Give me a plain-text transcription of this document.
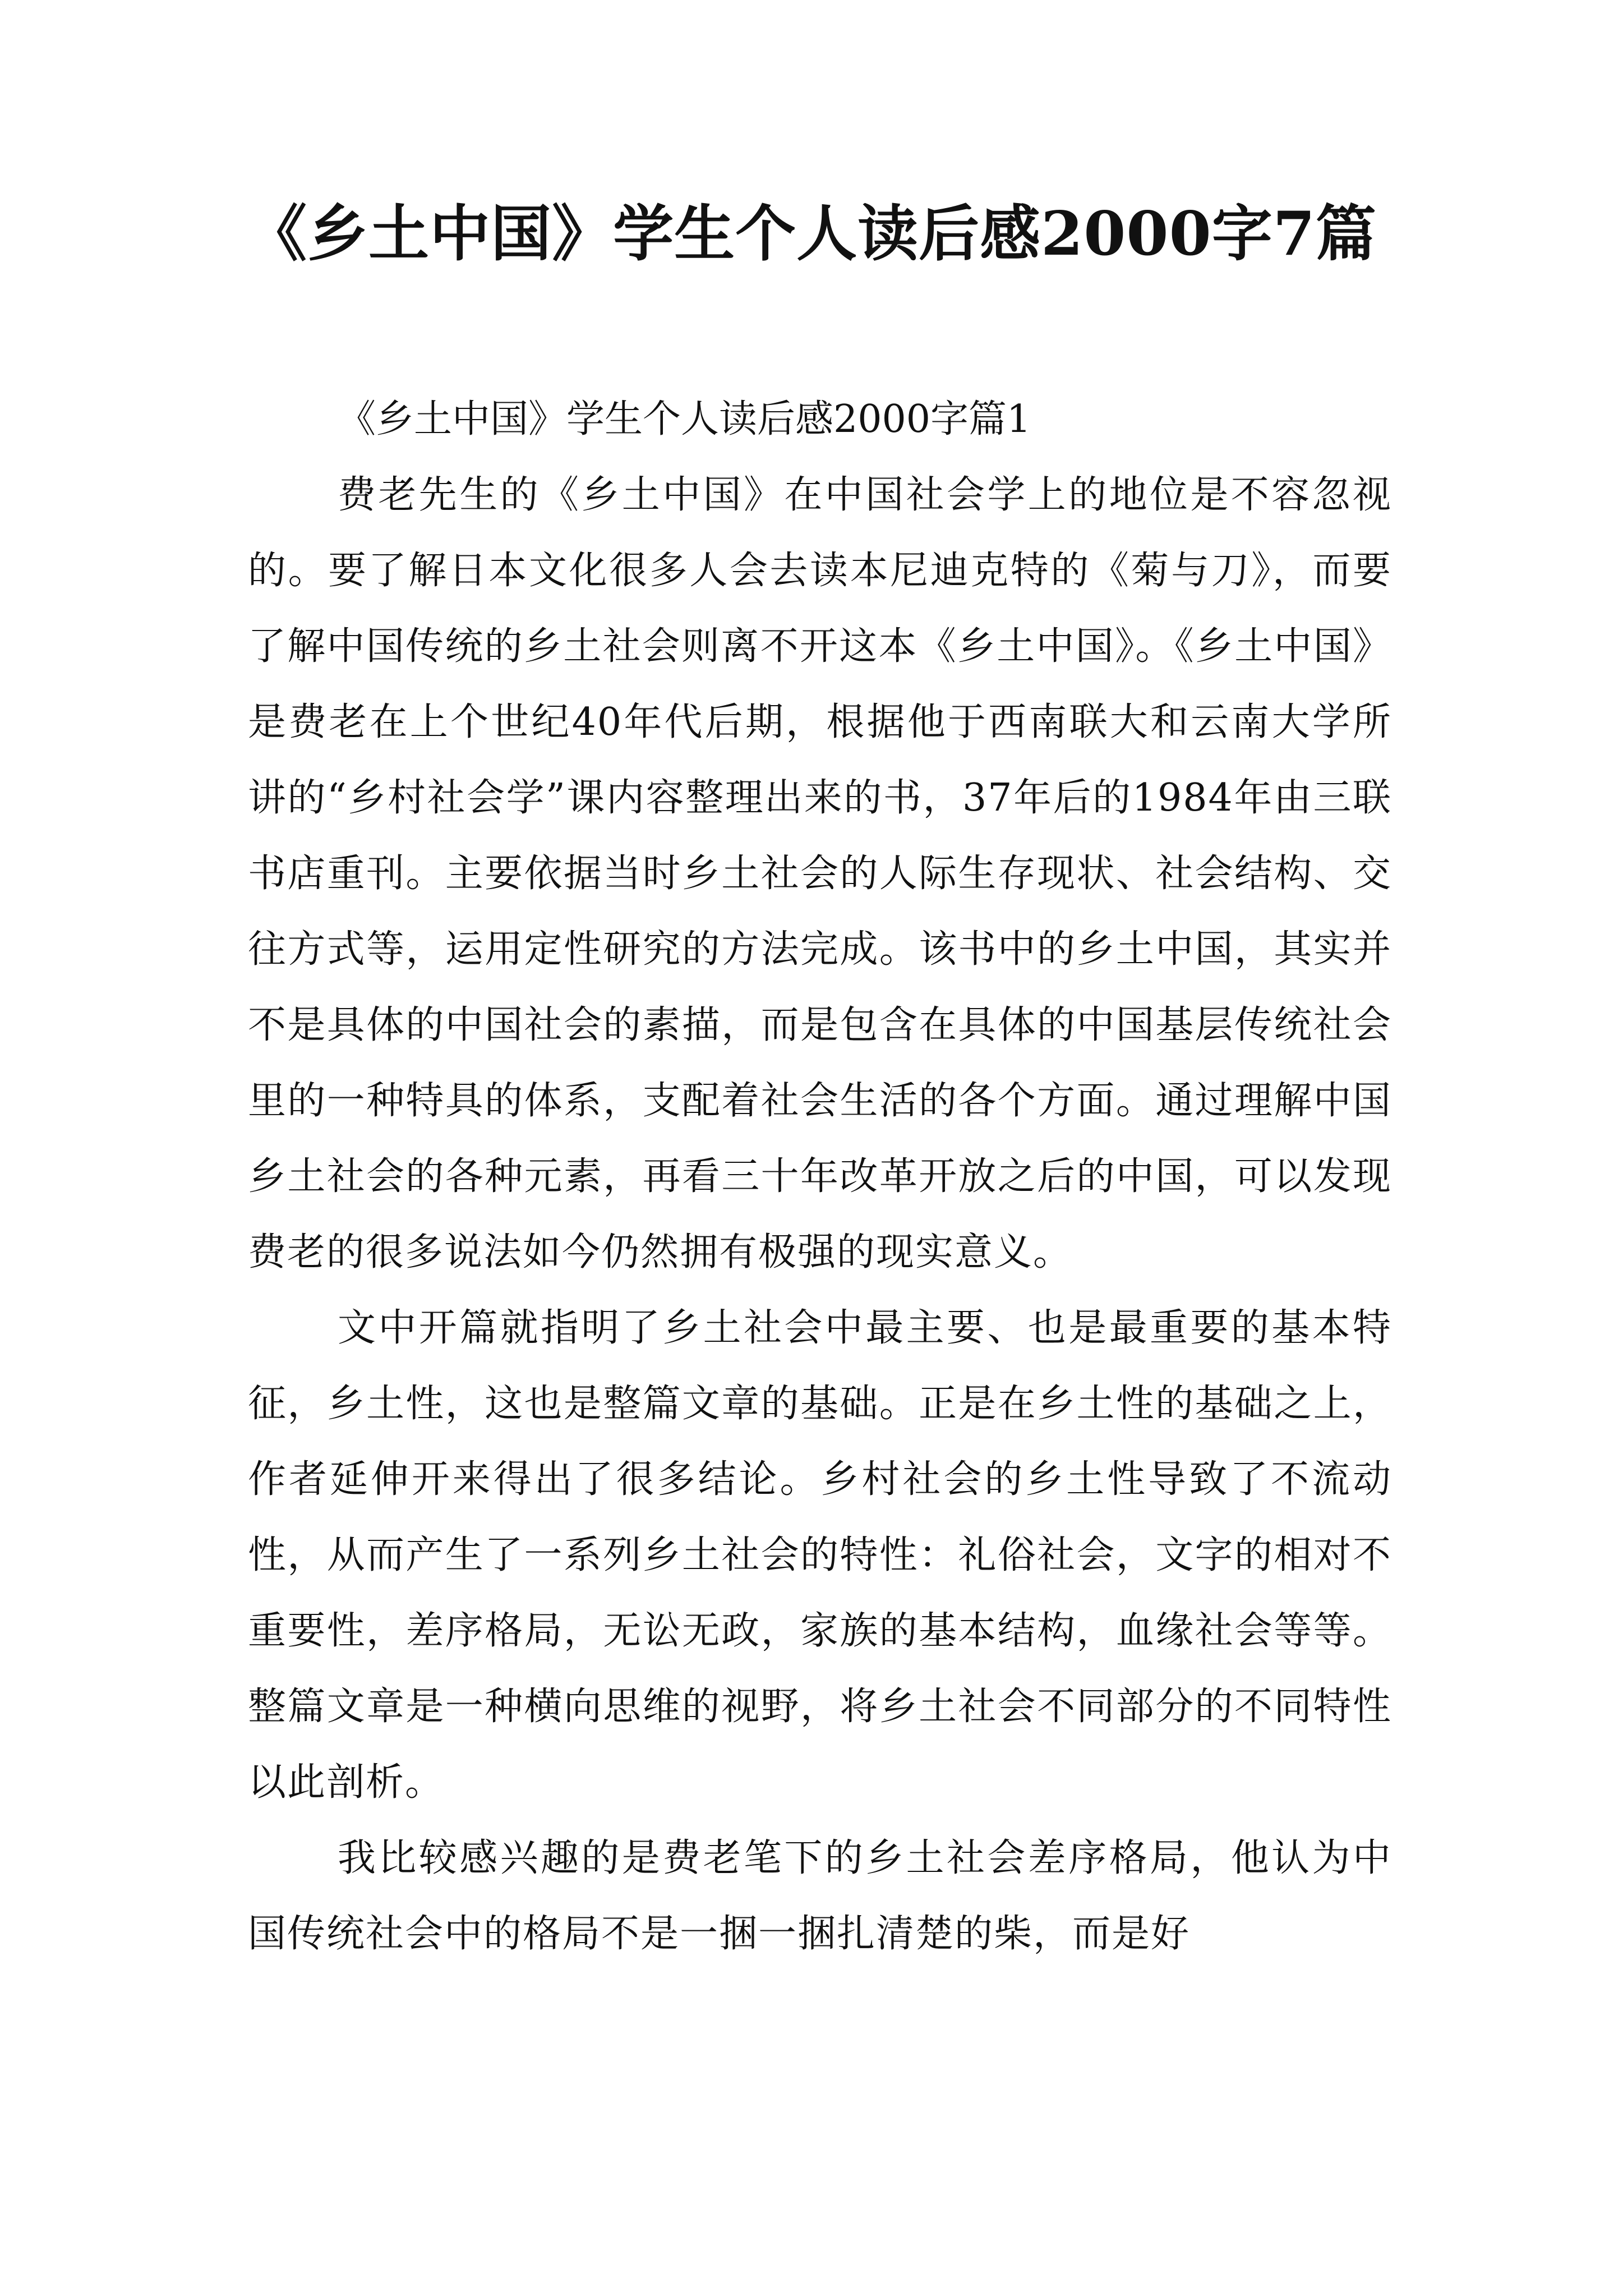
《乡土中国》学生个人读后感2000字7篇
《乡土中国》学生个人读后感2000字篇1

费老先生的《乡土中国》在中国社会学上的地位是不容忽视的。要了解日本文化很多人会去读本尼迪克特的《菊与刀》，而要了解中国传统的乡土社会则离不开这本《乡土中国》。《乡土中国》是费老在上个世纪40年代后期，根据他于西南联大和云南大学所讲的“乡村社会学”课内容整理出来的书，37年后的1984年由三联书店重刊。主要依据当时乡土社会的人际生存现状、社会结构、交往方式等，运用定性研究的方法完成。该书中的乡土中国，其实并不是具体的中国社会的素描，而是包含在具体的中国基层传统社会里的一种特具的体系，支配着社会生活的各个方面。通过理解中国乡土社会的各种元素，再看三十年改革开放之后的中国，可以发现费老的很多说法如今仍然拥有极强的现实意义。

文中开篇就指明了乡土社会中最主要、也是最重要的基本特征，乡土性，这也是整篇文章的基础。正是在乡土性的基础之上，作者延伸开来得出了很多结论。乡村社会的乡土性导致了不流动性，从而产生了一系列乡土社会的特性：礼俗社会，文字的相对不重要性，差序格局，无讼无政，家族的基本结构，血缘社会等等。整篇文章是一种横向思维的视野，将乡土社会不同部分的不同特性以此剖析。

我比较感兴趣的是费老笔下的乡土社会差序格局，他认为中国传统社会中的格局不是一捆一捆扎清楚的柴，而是好
